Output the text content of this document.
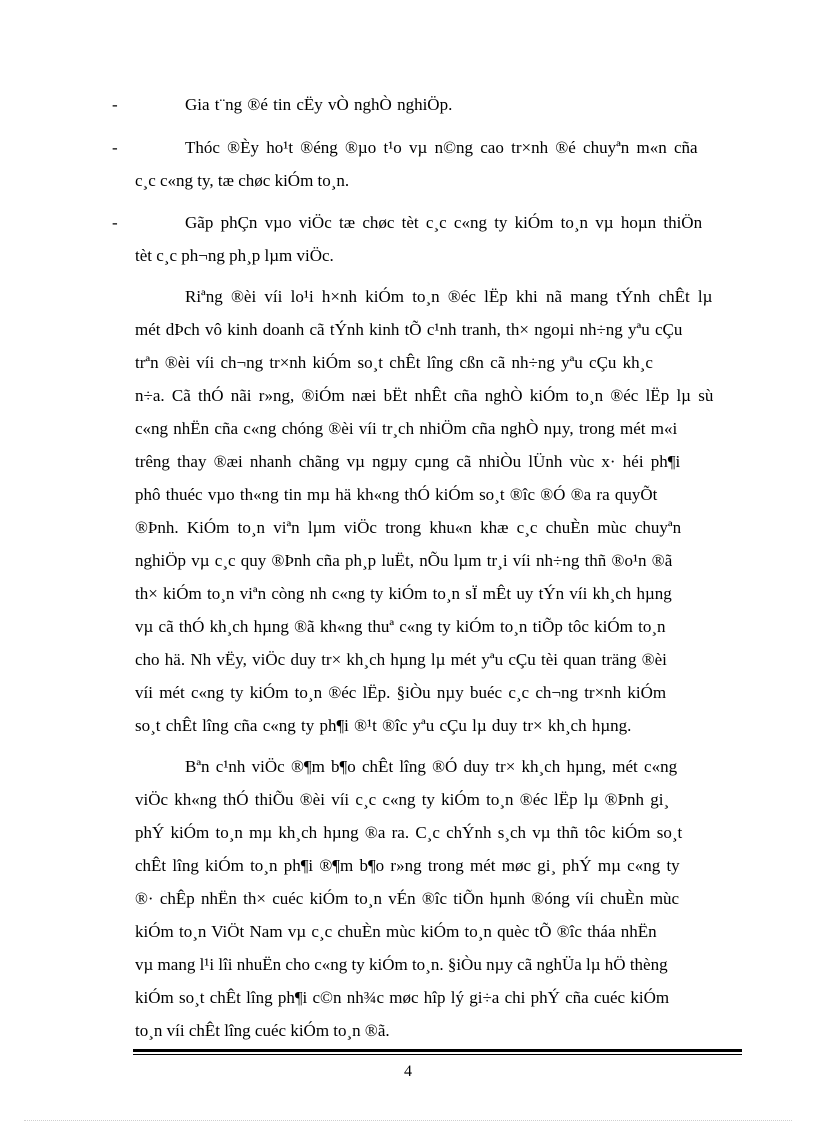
-
-
-
Gia t¨ng ®é tin cËy vÒ nghÒ nghiÖp.
Thóc ®Èy ho¹t ®éng ®µo t¹o vµ n©ng cao tr×nh ®é chuyªn m«n cña
c¸c c«ng ty, tæ chøc kiÓm to¸n.
Gãp phÇn vµo viÖc tæ chøc tèt c¸c c«ng ty kiÓm to¸n vµ hoµn thiÖn
tèt c¸c ph¬ng ph¸p lµm viÖc.
Riªng ®èi víi lo¹i h×nh kiÓm to¸n ®éc lËp khi nã mang tÝnh chÊt lµ
mét dÞch vô kinh doanh cã tÝnh kinh tÕ c¹nh tranh, th× ngoµi nh÷ng yªu cÇu
trªn ®èi víi ch¬ng tr×nh kiÓm so¸t chÊt lîng cßn cã nh÷ng yªu cÇu kh¸c
n÷a. Cã thÓ nãi r»ng, ®iÓm næi bËt nhÊt cña nghÒ kiÓm to¸n ®éc lËp lµ sù
c«ng nhËn cña c«ng chóng ®èi víi tr¸ch nhiÖm cña nghÒ nµy, trong mét m«i
trêng thay ®æi nhanh chãng vµ ngµy cµng cã nhiÒu lÜnh vùc x· héi ph¶i
phô thuéc vµo th«ng tin mµ hä kh«ng thÓ kiÓm so¸t ®îc ®Ó ®a ra quyÕt
®Þnh. KiÓm to¸n viªn lµm viÖc trong khu«n khæ c¸c chuÈn mùc chuyªn
nghiÖp vµ c¸c quy ®Þnh cña ph¸p luËt, nÕu lµm tr¸i víi nh÷ng thñ ®o¹n ®ã
th× kiÓm to¸n viªn còng nh c«ng ty kiÓm to¸n sÏ mÊt uy tÝn víi kh¸ch hµng
vµ cã thÓ kh¸ch hµng ®ã kh«ng thuª c«ng ty kiÓm to¸n tiÕp tôc kiÓm to¸n
cho hä. Nh vËy, viÖc duy tr× kh¸ch hµng lµ mét yªu cÇu tèi quan träng ®èi
víi mét c«ng ty kiÓm to¸n ®éc lËp. §iÒu nµy buéc c¸c ch¬ng tr×nh kiÓm
so¸t chÊt lîng cña c«ng ty ph¶i ®¹t ®îc yªu cÇu lµ duy tr× kh¸ch hµng.
Bªn c¹nh viÖc ®¶m b¶o chÊt lîng ®Ó duy tr× kh¸ch hµng, mét c«ng
viÖc kh«ng thÓ thiÕu ®èi víi c¸c c«ng ty kiÓm to¸n ®éc lËp lµ ®Þnh gi¸
phÝ kiÓm to¸n mµ kh¸ch hµng ®a ra. C¸c chÝnh s¸ch vµ thñ tôc kiÓm so¸t
chÊt lîng kiÓm to¸n ph¶i ®¶m b¶o r»ng trong mét møc gi¸ phÝ mµ c«ng ty
®· chÊp nhËn th× cuéc kiÓm to¸n vÉn ®îc tiÕn hµnh ®óng víi chuÈn mùc
kiÓm to¸n ViÖt Nam vµ c¸c chuÈn mùc kiÓm to¸n quèc tÕ ®îc tháa nhËn
vµ mang l¹i lîi nhuËn cho c«ng ty kiÓm to¸n. §iÒu nµy cã nghÜa lµ hÖ thèng
kiÓm so¸t chÊt lîng ph¶i c©n nh¾c møc hîp lý gi÷a chi phÝ cña cuéc kiÓm
to¸n víi chÊt lîng cuéc kiÓm to¸n ®ã.
4
